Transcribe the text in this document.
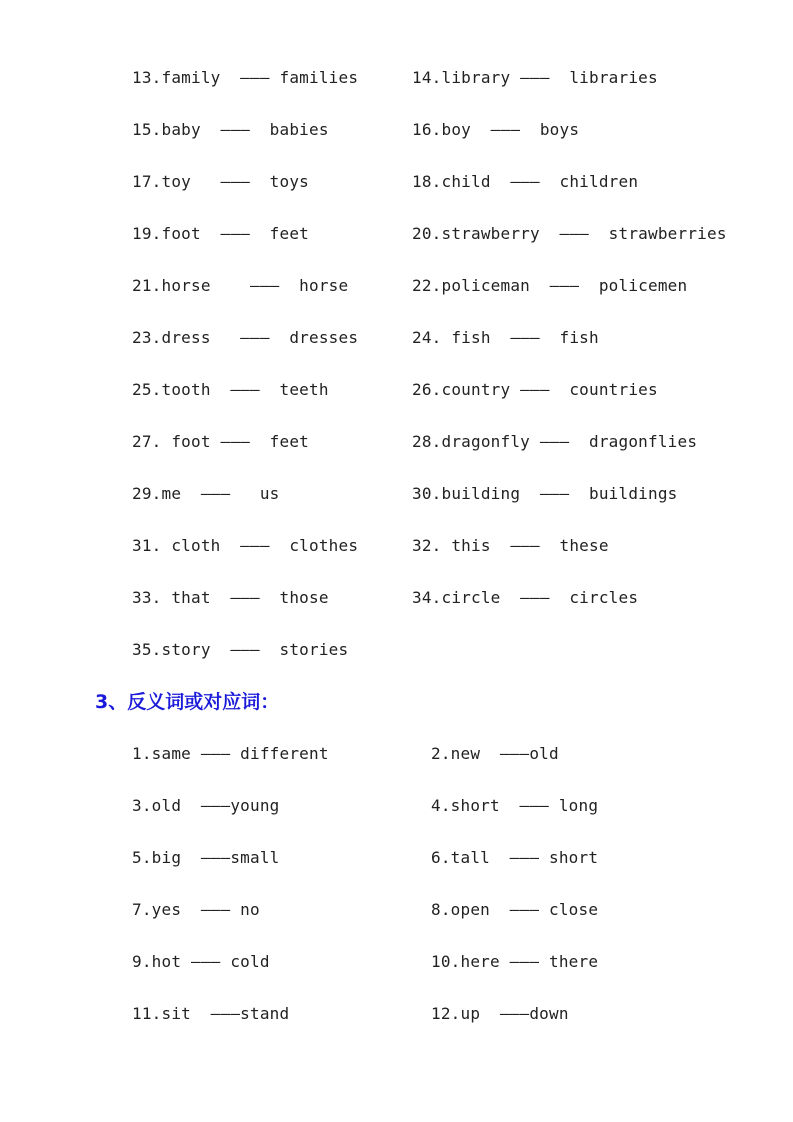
13.family  ——— families	14.library ———  libraries
15.baby  ———  babies	16.boy  ———  boys
17.toy   ———  toys	18.child  ———  children
19.foot  ———  feet	20.strawberry  ———  strawberries
21.horse    ———  horse	22.policeman  ———  policemen
23.dress   ———  dresses	24. fish  ———  fish
25.tooth  ———  teeth	26.country ———  countries
27. foot ———  feet	28.dragonfly ———  dragonflies
29.me  ———   us	30.building  ———  buildings
31. cloth  ———  clothes	32. this  ———  these
33. that  ———  those	34.circle  ———  circles
35.story  ———  stories
3、反义词或对应词：
1.same ——— different	2.new  ———old
3.old  ———young	4.short  ——— long
5.big  ———small	6.tall  ——— short
7.yes  ——— no	8.open  ——— close
9.hot ——— cold	10.here ——— there
11.sit  ———stand	12.up  ———down
